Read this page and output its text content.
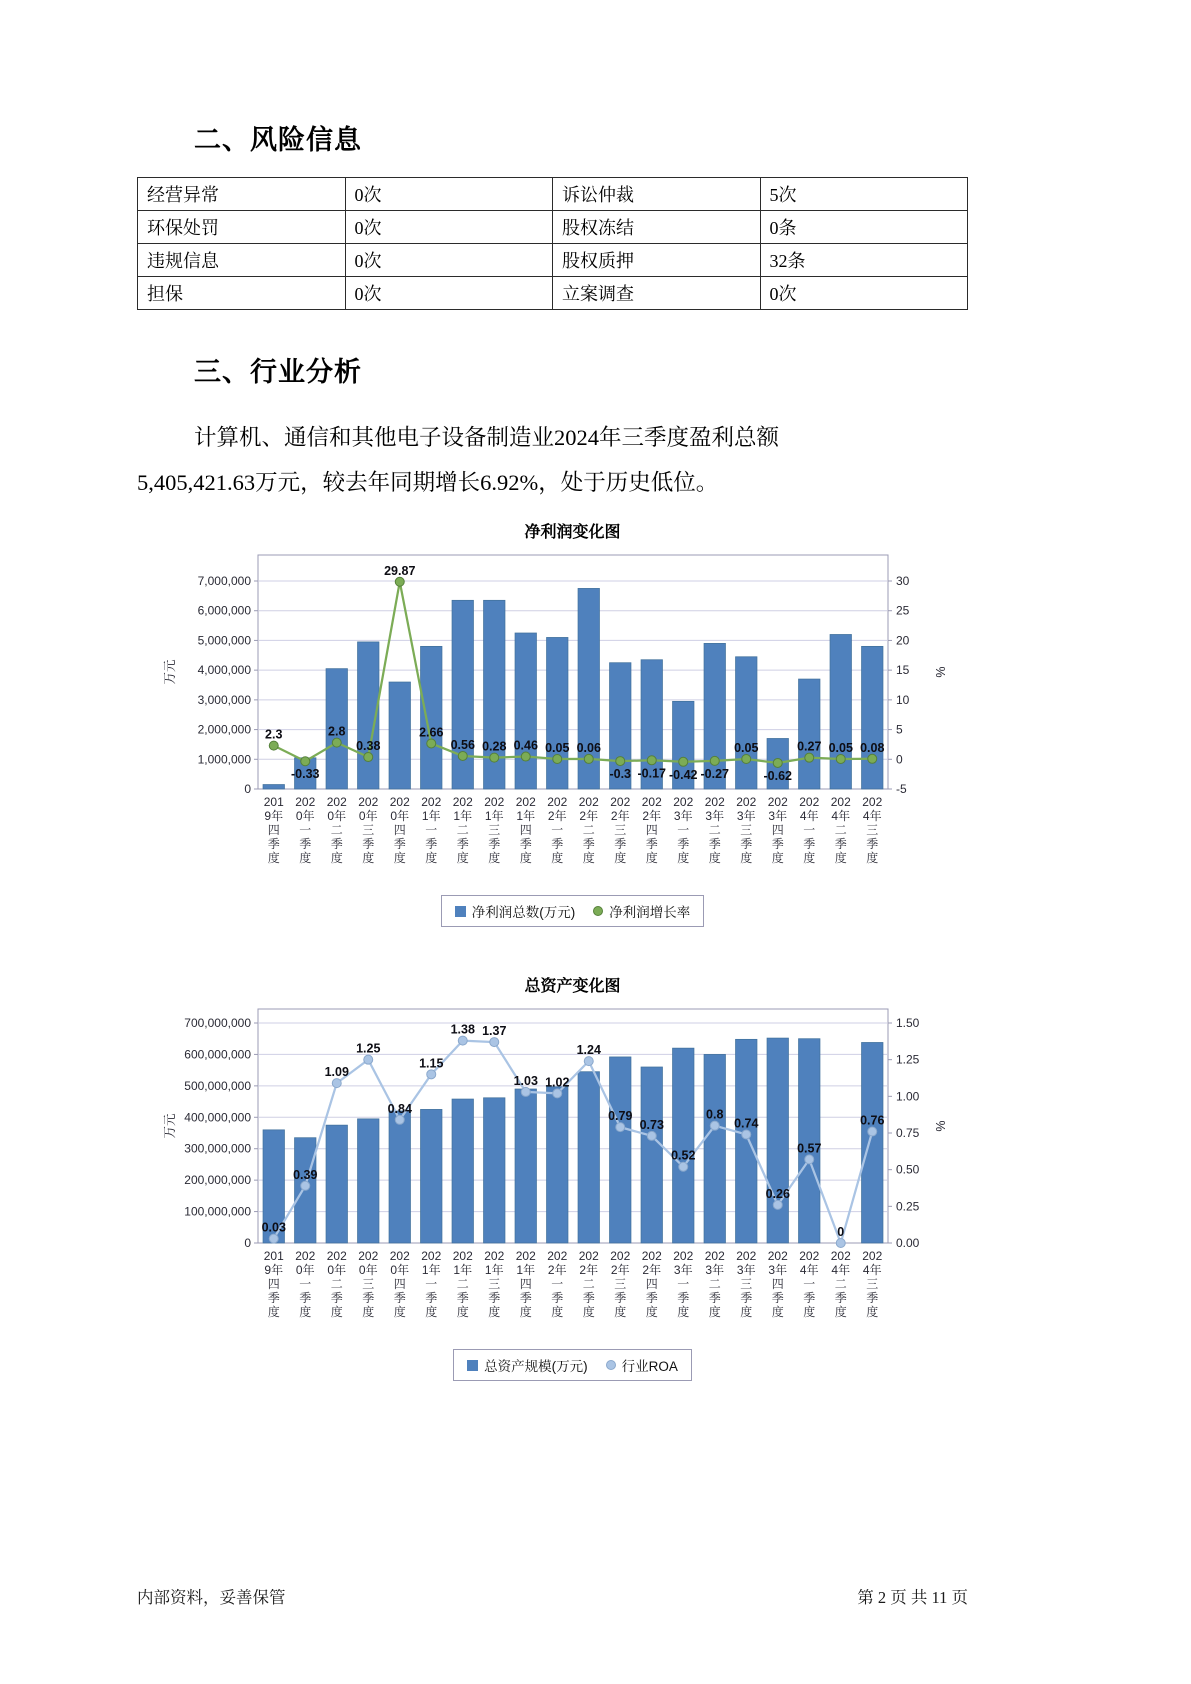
二、风险信息
经营异常	0次	诉讼仲裁	5次
环保处罚	0次	股权冻结	0条
违规信息	0次	股权质押	32条
担保	0次	立案调查	0次
三、行业分析

计算机、通信和其他电子设备制造业2024年三季度盈利总额
5,405,421.63万元，较去年同期增长6.92%，处于历史低位。

净利润变化图
0
1,000,000
2,000,000
3,000,000
4,000,000
5,000,000
6,000,000
7,000,000
-5
0
5
10
15
20
25
30
万元	%
201
9年
四
季
度
202
0年
一
季
度
202
0年
二
季
度
202
0年
三
季
度
202
0年
四
季
度
202
1年
一
季
度
202
1年
二
季
度
202
1年
三
季
度
202
1年
四
季
度
202
2年
一
季
度
202
2年
二
季
度
202
2年
三
季
度
202
2年
四
季
度
202
3年
一
季
度
202
3年
二
季
度
202
3年
三
季
度
202
3年
四
季
度
202
4年
一
季
度
202
4年
二
季
度
202
4年
三
季
度
2.3
-0.33
2.8
0.38
29.87
2.66
0.56 0.28 0.46 0.05 0.06
-0.3 -0.17 -0.42 -0.27
0.05
-0.62
0.27 0.05 0.08
净利润总数(万元)	净利润增长率
总资产变化图
0
100,000,000
200,000,000
300,000,000
400,000,000
500,000,000
600,000,000
700,000,000
0.00
0.25
0.50
0.75
1.00
1.25
1.50
万元	%
201
9年
四
季
度
202
0年
一
季
度
202
0年
二
季
度
202
0年
三
季
度
202
0年
四
季
度
202
1年
一
季
度
202
1年
二
季
度
202
1年
三
季
度
202
1年
四
季
度
202
2年
一
季
度
202
2年
二
季
度
202
2年
三
季
度
202
2年
四
季
度
202
3年
一
季
度
202
3年
二
季
度
202
3年
三
季
度
202
3年
四
季
度
202
4年
一
季
度
202
4年
二
季
度
202
4年
三
季
度
0.03
0.39
1.09
1.25
0.84
1.15
1.38 1.37
1.03 1.02
1.24
0.79
0.73
0.52
0.8
0.74
0.26
0.57
0
0.76
总资产规模(万元)	行业ROA
内部资料，妥善保管	第 2 页 共 11 页
